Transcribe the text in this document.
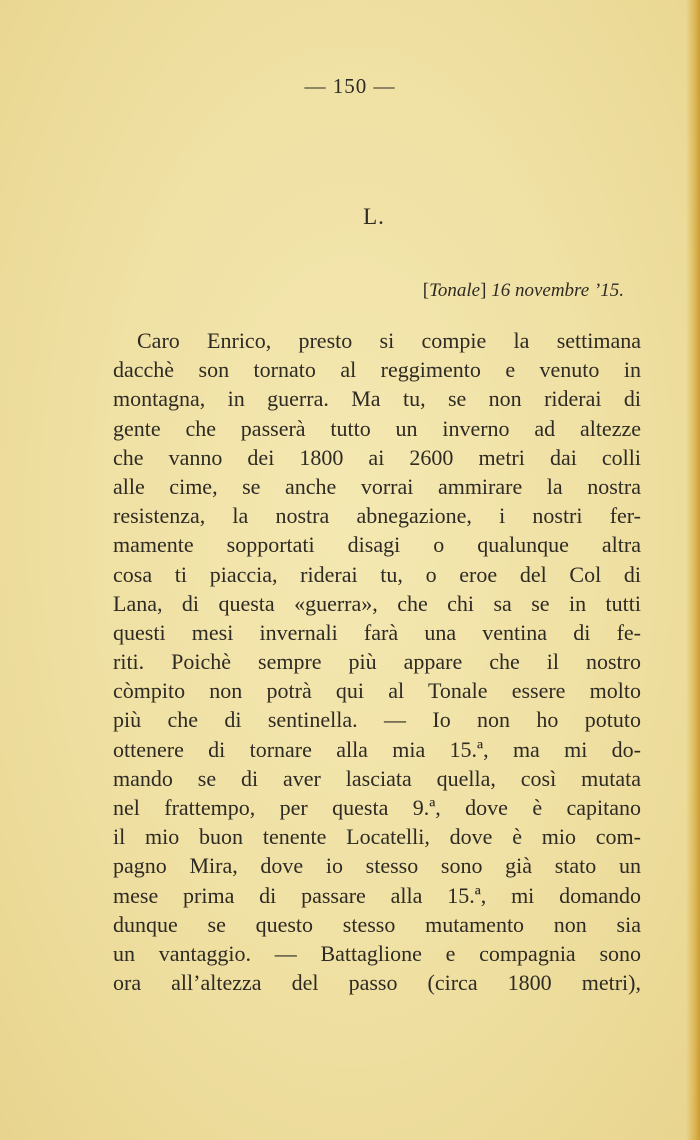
— 150 —
L.
[Tonale] 16 novembre ’15.
Caro Enrico, presto si compie la settimana
dacchè son tornato al reggimento e venuto in
montagna, in guerra. Ma tu, se non riderai di
gente che passerà tutto un inverno ad altezze
che vanno dei 1800 ai 2600 metri dai colli
alle cime, se anche vorrai ammirare la nostra
resistenza, la nostra abnegazione, i nostri fer-
mamente sopportati disagi o qualunque altra
cosa ti piaccia, riderai tu, o eroe del Col di
Lana, di questa «guerra», che chi sa se in tutti
questi mesi invernali farà una ventina di fe-
riti. Poichè sempre più appare che il nostro
còmpito non potrà qui al Tonale essere molto
più che di sentinella. — Io non ho potuto
ottenere di tornare alla mia 15.ª, ma mi do-
mando se di aver lasciata quella, così mutata
nel frattempo, per questa 9.ª, dove è capitano
il mio buon tenente Locatelli, dove è mio com-
pagno Mira, dove io stesso sono già stato un
mese prima di passare alla 15.ª, mi domando
dunque se questo stesso mutamento non sia
un vantaggio. — Battaglione e compagnia sono
ora all’altezza del passo (circa 1800 metri),
